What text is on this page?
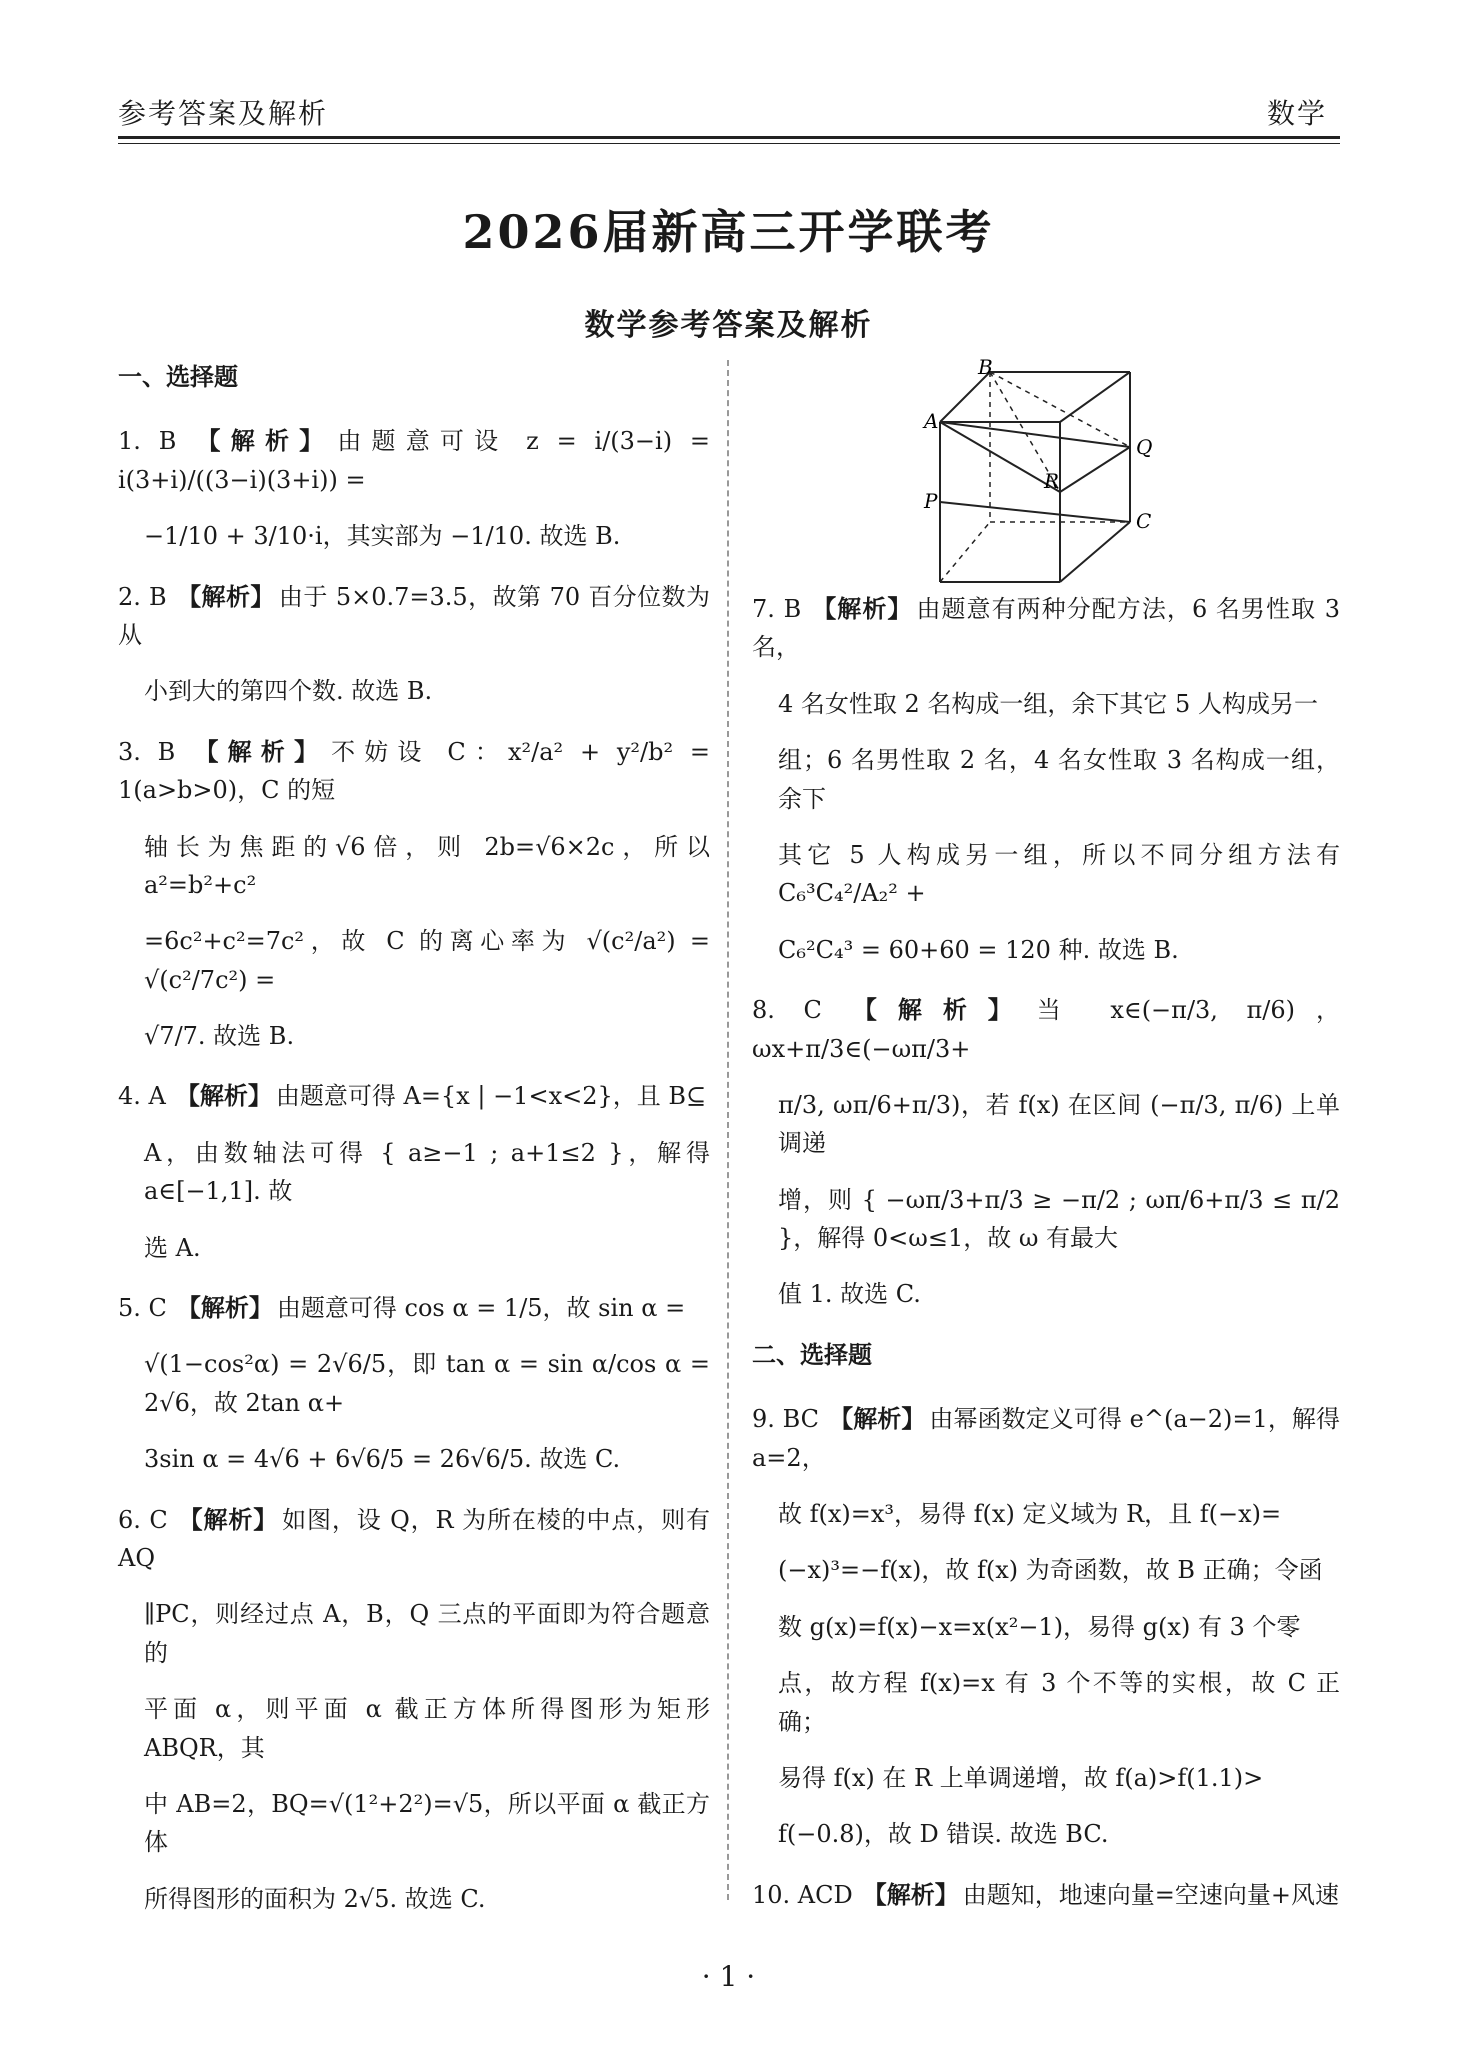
参考答案及解析	数学
2026届新高三开学联考
数学参考答案及解析
B
A
Q
R
P
C
一、选择题
1. B 【解析】 由题意可设 z = i/(3−i) = i(3+i)/((3−i)(3+i)) =
−1/10 + 3/10·i，其实部为 −1/10. 故选 B.
2. B 【解析】 由于 5×0.7=3.5，故第 70 百分位数为从
小到大的第四个数. 故选 B.
3. B 【解析】 不妨设 C：x²/a² + y²/b² = 1(a>b>0)，C 的短
轴长为焦距的√6倍，则 2b=√6×2c，所以 a²=b²+c²
=6c²+c²=7c²，故 C 的离心率为 √(c²/a²) = √(c²/7c²) =
√7/7. 故选 B.
4. A 【解析】 由题意可得 A={x | −1<x<2}，且 B⊆
A，由数轴法可得 { a≥−1 ; a+1≤2 }，解得 a∈[−1,1]. 故
选 A.
5. C 【解析】 由题意可得 cos α = 1/5，故 sin α =
√(1−cos²α) = 2√6/5，即 tan α = sin α/cos α = 2√6，故 2tan α+
3sin α = 4√6 + 6√6/5 = 26√6/5. 故选 C.
6. C 【解析】 如图，设 Q，R 为所在棱的中点，则有 AQ
∥PC，则经过点 A，B，Q 三点的平面即为符合题意的
平面 α，则平面 α 截正方体所得图形为矩形 ABQR，其
中 AB=2，BQ=√(1²+2²)=√5，所以平面 α 截正方体
所得图形的面积为 2√5. 故选 C.
7. B 【解析】 由题意有两种分配方法，6 名男性取 3 名，
4 名女性取 2 名构成一组，余下其它 5 人构成另一
组；6 名男性取 2 名，4 名女性取 3 名构成一组，余下
其它 5 人构成另一组，所以不同分组方法有 C₆³C₄²/A₂² +
C₆²C₄³ = 60+60 = 120 种. 故选 B.
8. C 【解析】 当 x∈(−π/3, π/6)，ωx+π/3∈(−ωπ/3+
π/3, ωπ/6+π/3)，若 f(x) 在区间 (−π/3, π/6) 上单调递
增，则 { −ωπ/3+π/3 ≥ −π/2 ; ωπ/6+π/3 ≤ π/2 }，解得 0<ω≤1，故 ω 有最大
值 1. 故选 C.
二、选择题
9. BC 【解析】 由幂函数定义可得 e^(a−2)=1，解得 a=2，
故 f(x)=x³，易得 f(x) 定义域为 R，且 f(−x)=
(−x)³=−f(x)，故 f(x) 为奇函数，故 B 正确；令函
数 g(x)=f(x)−x=x(x²−1)，易得 g(x) 有 3 个零
点，故方程 f(x)=x 有 3 个不等的实根，故 C 正确；
易得 f(x) 在 R 上单调递增，故 f(a)>f(1.1)>
f(−0.8)，故 D 错误. 故选 BC.
10. ACD 【解析】 由题知，地速向量=空速向量+风速
· 1 ·
